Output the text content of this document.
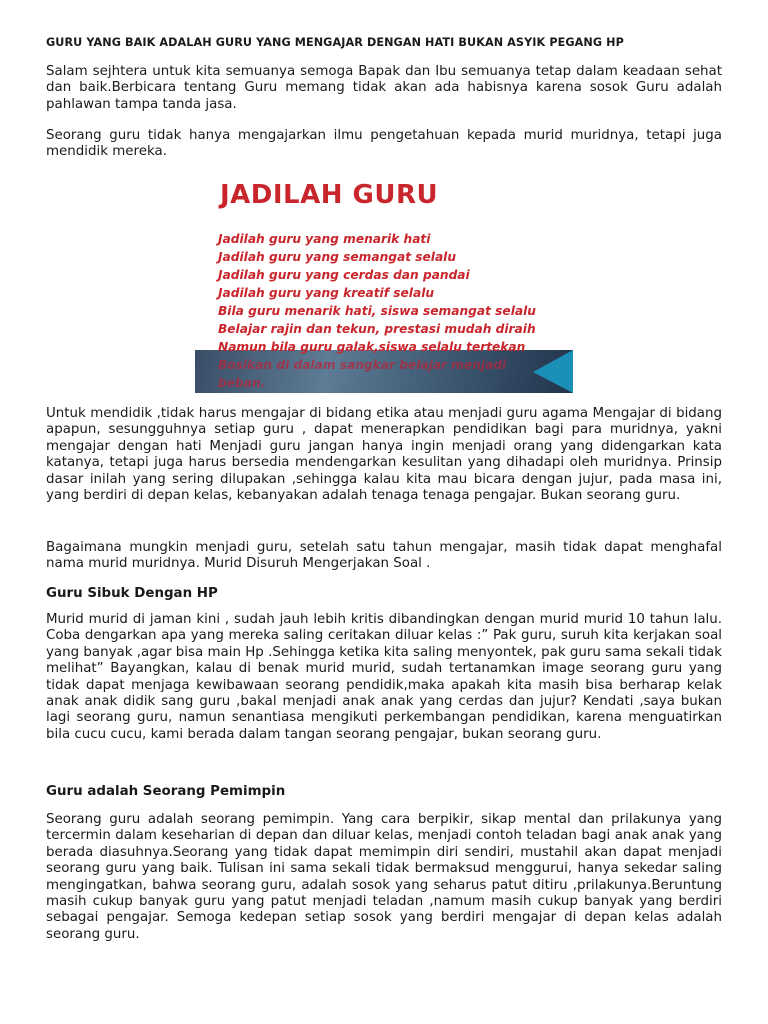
GURU YANG BAIK ADALAH GURU YANG MENGAJAR DENGAN HATI BUKAN ASYIK PEGANG HP

Salam sejhtera untuk kita semuanya semoga Bapak dan Ibu semuanya tetap dalam keadaan sehat dan baik.Berbicara tentang Guru memang tidak akan ada habisnya karena sosok Guru adalah pahlawan tampa tanda jasa.

Seorang guru tidak hanya mengajarkan ilmu pengetahuan kepada murid muridnya, tetapi juga mendidik mereka.

JADILAH GURU
Jadilah guru yang menarik hati
Jadilah guru yang semangat selalu
Jadilah guru yang cerdas dan pandai
Jadilah guru yang kreatif selalu
Bila guru menarik hati, siswa semangat selalu
Belajar rajin dan tekun, prestasi mudah diraih
Namun bila guru galak,siswa selalu tertekan
Bosikan di dalam sangkar belajar menjadi
beban.

Untuk mendidik ,tidak harus mengajar di bidang etika atau menjadi guru agama Mengajar di bidang apapun, sesungguhnya setiap guru , dapat menerapkan pendidikan bagi para muridnya, yakni mengajar dengan hati Menjadi guru jangan hanya ingin menjadi orang yang didengarkan kata katanya, tetapi juga harus bersedia mendengarkan kesulitan yang dihadapi oleh muridnya. Prinsip dasar inilah yang sering dilupakan ,sehingga kalau kita mau bicara dengan jujur, pada masa ini, yang berdiri di depan kelas, kebanyakan adalah tenaga tenaga pengajar. Bukan seorang guru.

Bagaimana mungkin menjadi guru, setelah satu tahun mengajar, masih tidak dapat menghafal nama murid muridnya. Murid Disuruh Mengerjakan Soal .

Guru Sibuk Dengan HP

Murid murid di jaman kini , sudah jauh lebih kritis dibandingkan dengan murid murid 10 tahun lalu. Coba dengarkan apa yang mereka saling ceritakan diluar kelas :” Pak guru, suruh kita kerjakan soal yang banyak ,agar bisa main Hp .Sehingga ketika kita saling menyontek, pak guru sama sekali tidak melihat” Bayangkan, kalau di benak murid murid, sudah tertanamkan image seorang guru yang tidak dapat menjaga kewibawaan seorang pendidik,maka apakah kita masih bisa berharap kelak anak anak didik sang guru ,bakal menjadi anak anak yang cerdas dan jujur? Kendati ,saya bukan lagi seorang guru, namun senantiasa mengikuti perkembangan pendidikan, karena menguatirkan bila cucu cucu, kami berada dalam tangan seorang pengajar, bukan seorang guru.

Guru adalah Seorang Pemimpin

Seorang guru adalah seorang pemimpin. Yang cara berpikir, sikap mental dan prilakunya yang tercermin dalam keseharian di depan dan diluar kelas, menjadi contoh teladan bagi anak anak yang berada diasuhnya.Seorang yang tidak dapat memimpin diri sendiri, mustahil akan dapat menjadi seorang guru yang baik. Tulisan ini sama sekali tidak bermaksud menggurui, hanya sekedar saling mengingatkan, bahwa seorang guru, adalah sosok yang seharus patut ditiru ,prilakunya.Beruntung masih cukup banyak guru yang patut menjadi teladan ,namum masih cukup banyak yang berdiri sebagai pengajar. Semoga kedepan setiap sosok yang berdiri mengajar di depan kelas adalah seorang guru.
